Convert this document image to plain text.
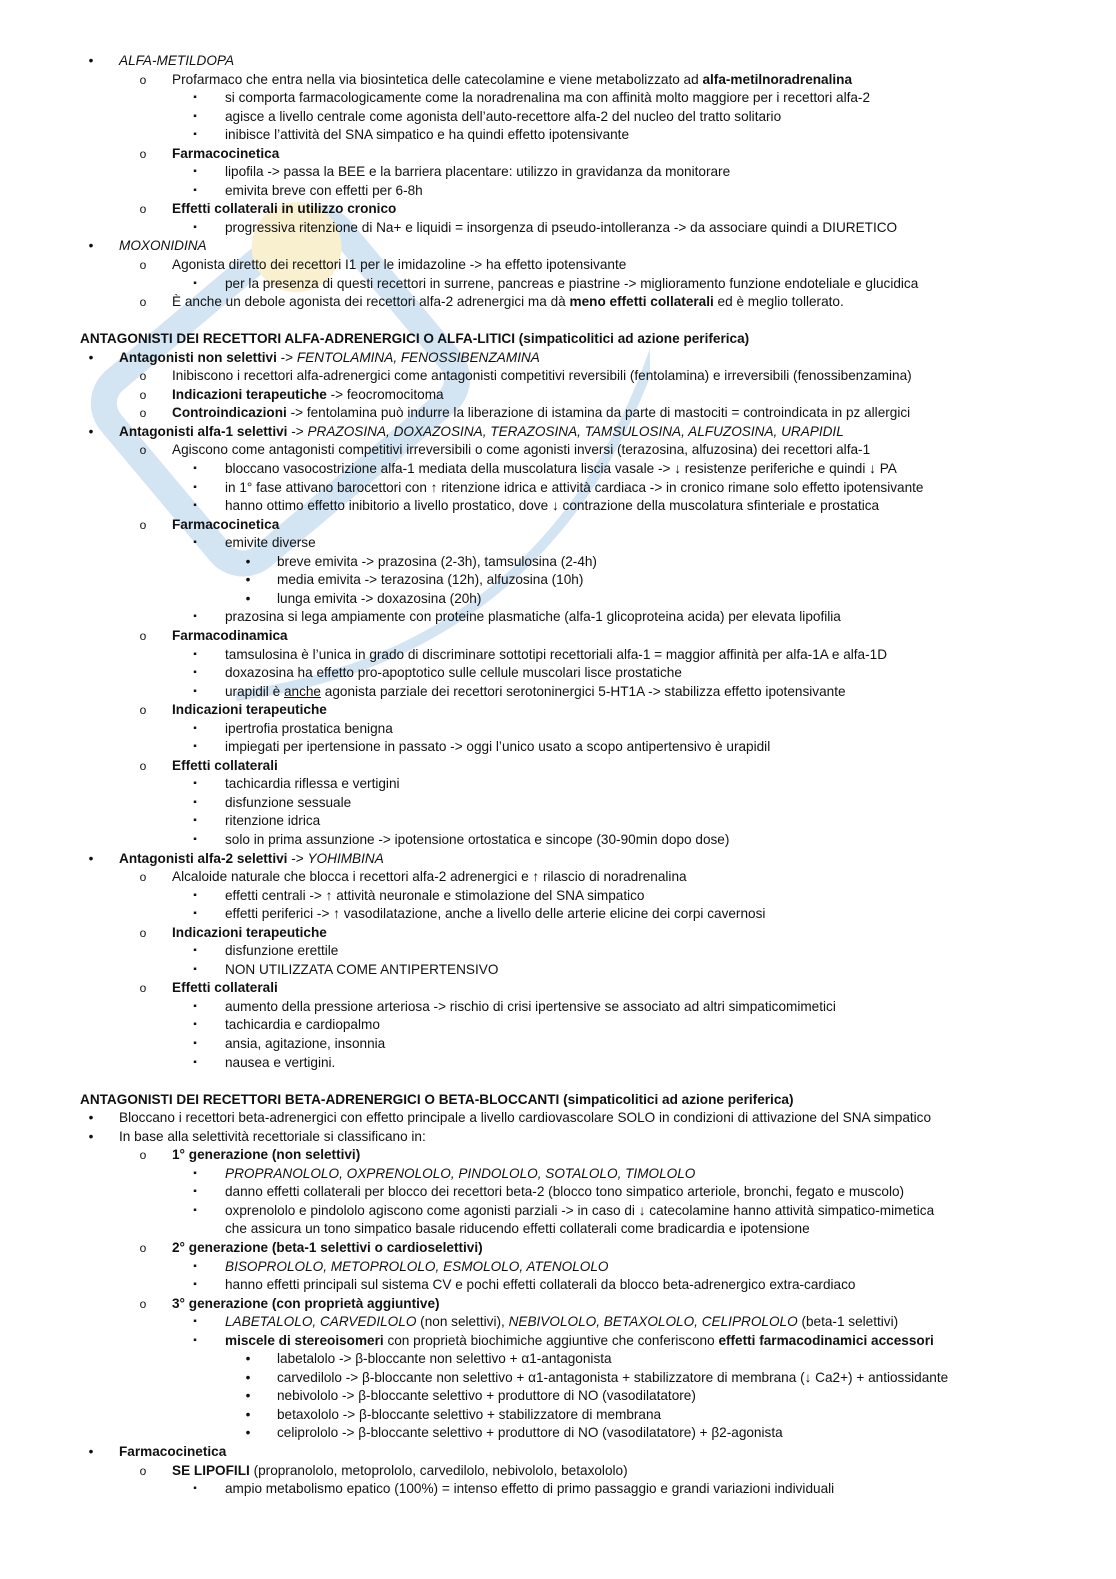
•	ALFA-METILDOPA
o Profarmaco che entra nella via biosintetica delle catecolamine e viene metabolizzato ad alfa-metilnoradrenalina
▪	si comporta farmacologicamente come la noradrenalina ma con affinità molto maggiore per i recettori alfa-2
▪	agisce a livello centrale come agonista dell’auto-recettore alfa-2 del nucleo del tratto solitario
▪	inibisce l’attività del SNA simpatico e ha quindi effetto ipotensivante
o Farmacocinetica
▪	lipofila -> passa la BEE e la barriera placentare: utilizzo in gravidanza da monitorare
▪	emivita breve con effetti per 6-8h
o Effetti collaterali in utilizzo cronico
▪	progressiva ritenzione di Na+ e liquidi = insorgenza di pseudo-intolleranza -> da associare quindi a DIURETICO
•	MOXONIDINA
o Agonista diretto dei recettori I1 per le imidazoline -> ha effetto ipotensivante
▪	per la presenza di questi recettori in surrene, pancreas e piastrine -> miglioramento funzione endoteliale e glucidica
o È anche un debole agonista dei recettori alfa-2 adrenergici ma dà meno effetti collaterali ed è meglio tollerato.
ANTAGONISTI DEI RECETTORI ALFA-ADRENERGICI O ALFA-LITICI (simpaticolitici ad azione periferica)
•	Antagonisti non selettivi -> FENTOLAMINA, FENOSSIBENZAMINA
o Inibiscono i recettori alfa-adrenergici come antagonisti competitivi reversibili (fentolamina) e irreversibili (fenossibenzamina)
o Indicazioni terapeutiche -> feocromocitoma
o Controindicazioni -> fentolamina può indurre la liberazione di istamina da parte di mastociti = controindicata in pz allergici
•	Antagonisti alfa-1 selettivi -> PRAZOSINA, DOXAZOSINA, TERAZOSINA, TAMSULOSINA, ALFUZOSINA, URAPIDIL
o Agiscono come antagonisti competitivi irreversibili o come agonisti inversi (terazosina, alfuzosina) dei recettori alfa-1
▪	bloccano vasocostrizione alfa-1 mediata della muscolatura liscia vasale -> ↓ resistenze periferiche e quindi ↓ PA
▪	in 1° fase attivano barocettori con ↑ ritenzione idrica e attività cardiaca -> in cronico rimane solo effetto ipotensivante
▪	hanno ottimo effetto inibitorio a livello prostatico, dove ↓ contrazione della muscolatura sfinteriale e prostatica
o Farmacocinetica
▪	emivite diverse
•	breve emivita -> prazosina (2-3h), tamsulosina (2-4h)
•	media emivita -> terazosina (12h), alfuzosina (10h)
•	lunga emivita -> doxazosina (20h)
▪	prazosina si lega ampiamente con proteine plasmatiche (alfa-1 glicoproteina acida) per elevata lipofilia
o Farmacodinamica
▪	tamsulosina è l’unica in grado di discriminare sottotipi recettoriali alfa-1 = maggior affinità per alfa-1A e alfa-1D
▪	doxazosina ha effetto pro-apoptotico sulle cellule muscolari lisce prostatiche
▪	urapidil è anche agonista parziale dei recettori serotoninergici 5-HT1A -> stabilizza effetto ipotensivante
o Indicazioni terapeutiche
▪	ipertrofia prostatica benigna
▪	impiegati per ipertensione in passato -> oggi l’unico usato a scopo antipertensivo è urapidil
o Effetti collaterali
▪	tachicardia riflessa e vertigini
▪	disfunzione sessuale
▪	ritenzione idrica
▪	solo in prima assunzione -> ipotensione ortostatica e sincope (30-90min dopo dose)
•	Antagonisti alfa-2 selettivi -> YOHIMBINA
o Alcaloide naturale che blocca i recettori alfa-2 adrenergici e ↑ rilascio di noradrenalina
▪	effetti centrali -> ↑ attività neuronale e stimolazione del SNA simpatico
▪	effetti periferici -> ↑ vasodilatazione, anche a livello delle arterie elicine dei corpi cavernosi
o Indicazioni terapeutiche
▪	disfunzione erettile
▪	NON UTILIZZATA COME ANTIPERTENSIVO
o Effetti collaterali
▪	aumento della pressione arteriosa -> rischio di crisi ipertensive se associato ad altri simpaticomimetici
▪	tachicardia e cardiopalmo
▪	ansia, agitazione, insonnia
▪	nausea e vertigini.
ANTAGONISTI DEI RECETTORI BETA-ADRENERGICI O BETA-BLOCCANTI (simpaticolitici ad azione periferica)
•	Bloccano i recettori beta-adrenergici con effetto principale a livello cardiovascolare SOLO in condizioni di attivazione del SNA simpatico
•	In base alla selettività recettoriale si classificano in:
o 1° generazione (non selettivi)
▪	PROPRANOLOLO, OXPRENOLOLO, PINDOLOLO, SOTALOLO, TIMOLOLO
▪	danno effetti collaterali per blocco dei recettori beta-2 (blocco tono simpatico arteriole, bronchi, fegato e muscolo)
▪	oxprenololo e pindololo agiscono come agonisti parziali -> in caso di ↓ catecolamine hanno attività simpatico-mimetica
che assicura un tono simpatico basale riducendo effetti collaterali come bradicardia e ipotensione
o 2° generazione (beta-1 selettivi o cardioselettivi)
▪	BISOPROLOLO, METOPROLOLO, ESMOLOLO, ATENOLOLO
▪	hanno effetti principali sul sistema CV e pochi effetti collaterali da blocco beta-adrenergico extra-cardiaco
o 3° generazione (con proprietà aggiuntive)
▪	LABETALOLO, CARVEDILOLO (non selettivi), NEBIVOLOLO, BETAXOLOLO, CELIPROLOLO (beta-1 selettivi)
▪	miscele di stereoisomeri con proprietà biochimiche aggiuntive che conferiscono effetti farmacodinamici accessori
•	labetalolo -> β-bloccante non selettivo + α1-antagonista
•	carvedilolo -> β-bloccante non selettivo + α1-antagonista + stabilizzatore di membrana (↓ Ca2+) + antiossidante
•	nebivololo -> β-bloccante selettivo + produttore di NO (vasodilatatore)
•	betaxololo -> β-bloccante selettivo + stabilizzatore di membrana
•	celiprololo -> β-bloccante selettivo + produttore di NO (vasodilatatore) + β2-agonista
•	Farmacocinetica
o SE LIPOFILI (propranololo, metoprololo, carvedilolo, nebivololo, betaxololo)
▪	ampio metabolismo epatico (100%) = intenso effetto di primo passaggio e grandi variazioni individuali
